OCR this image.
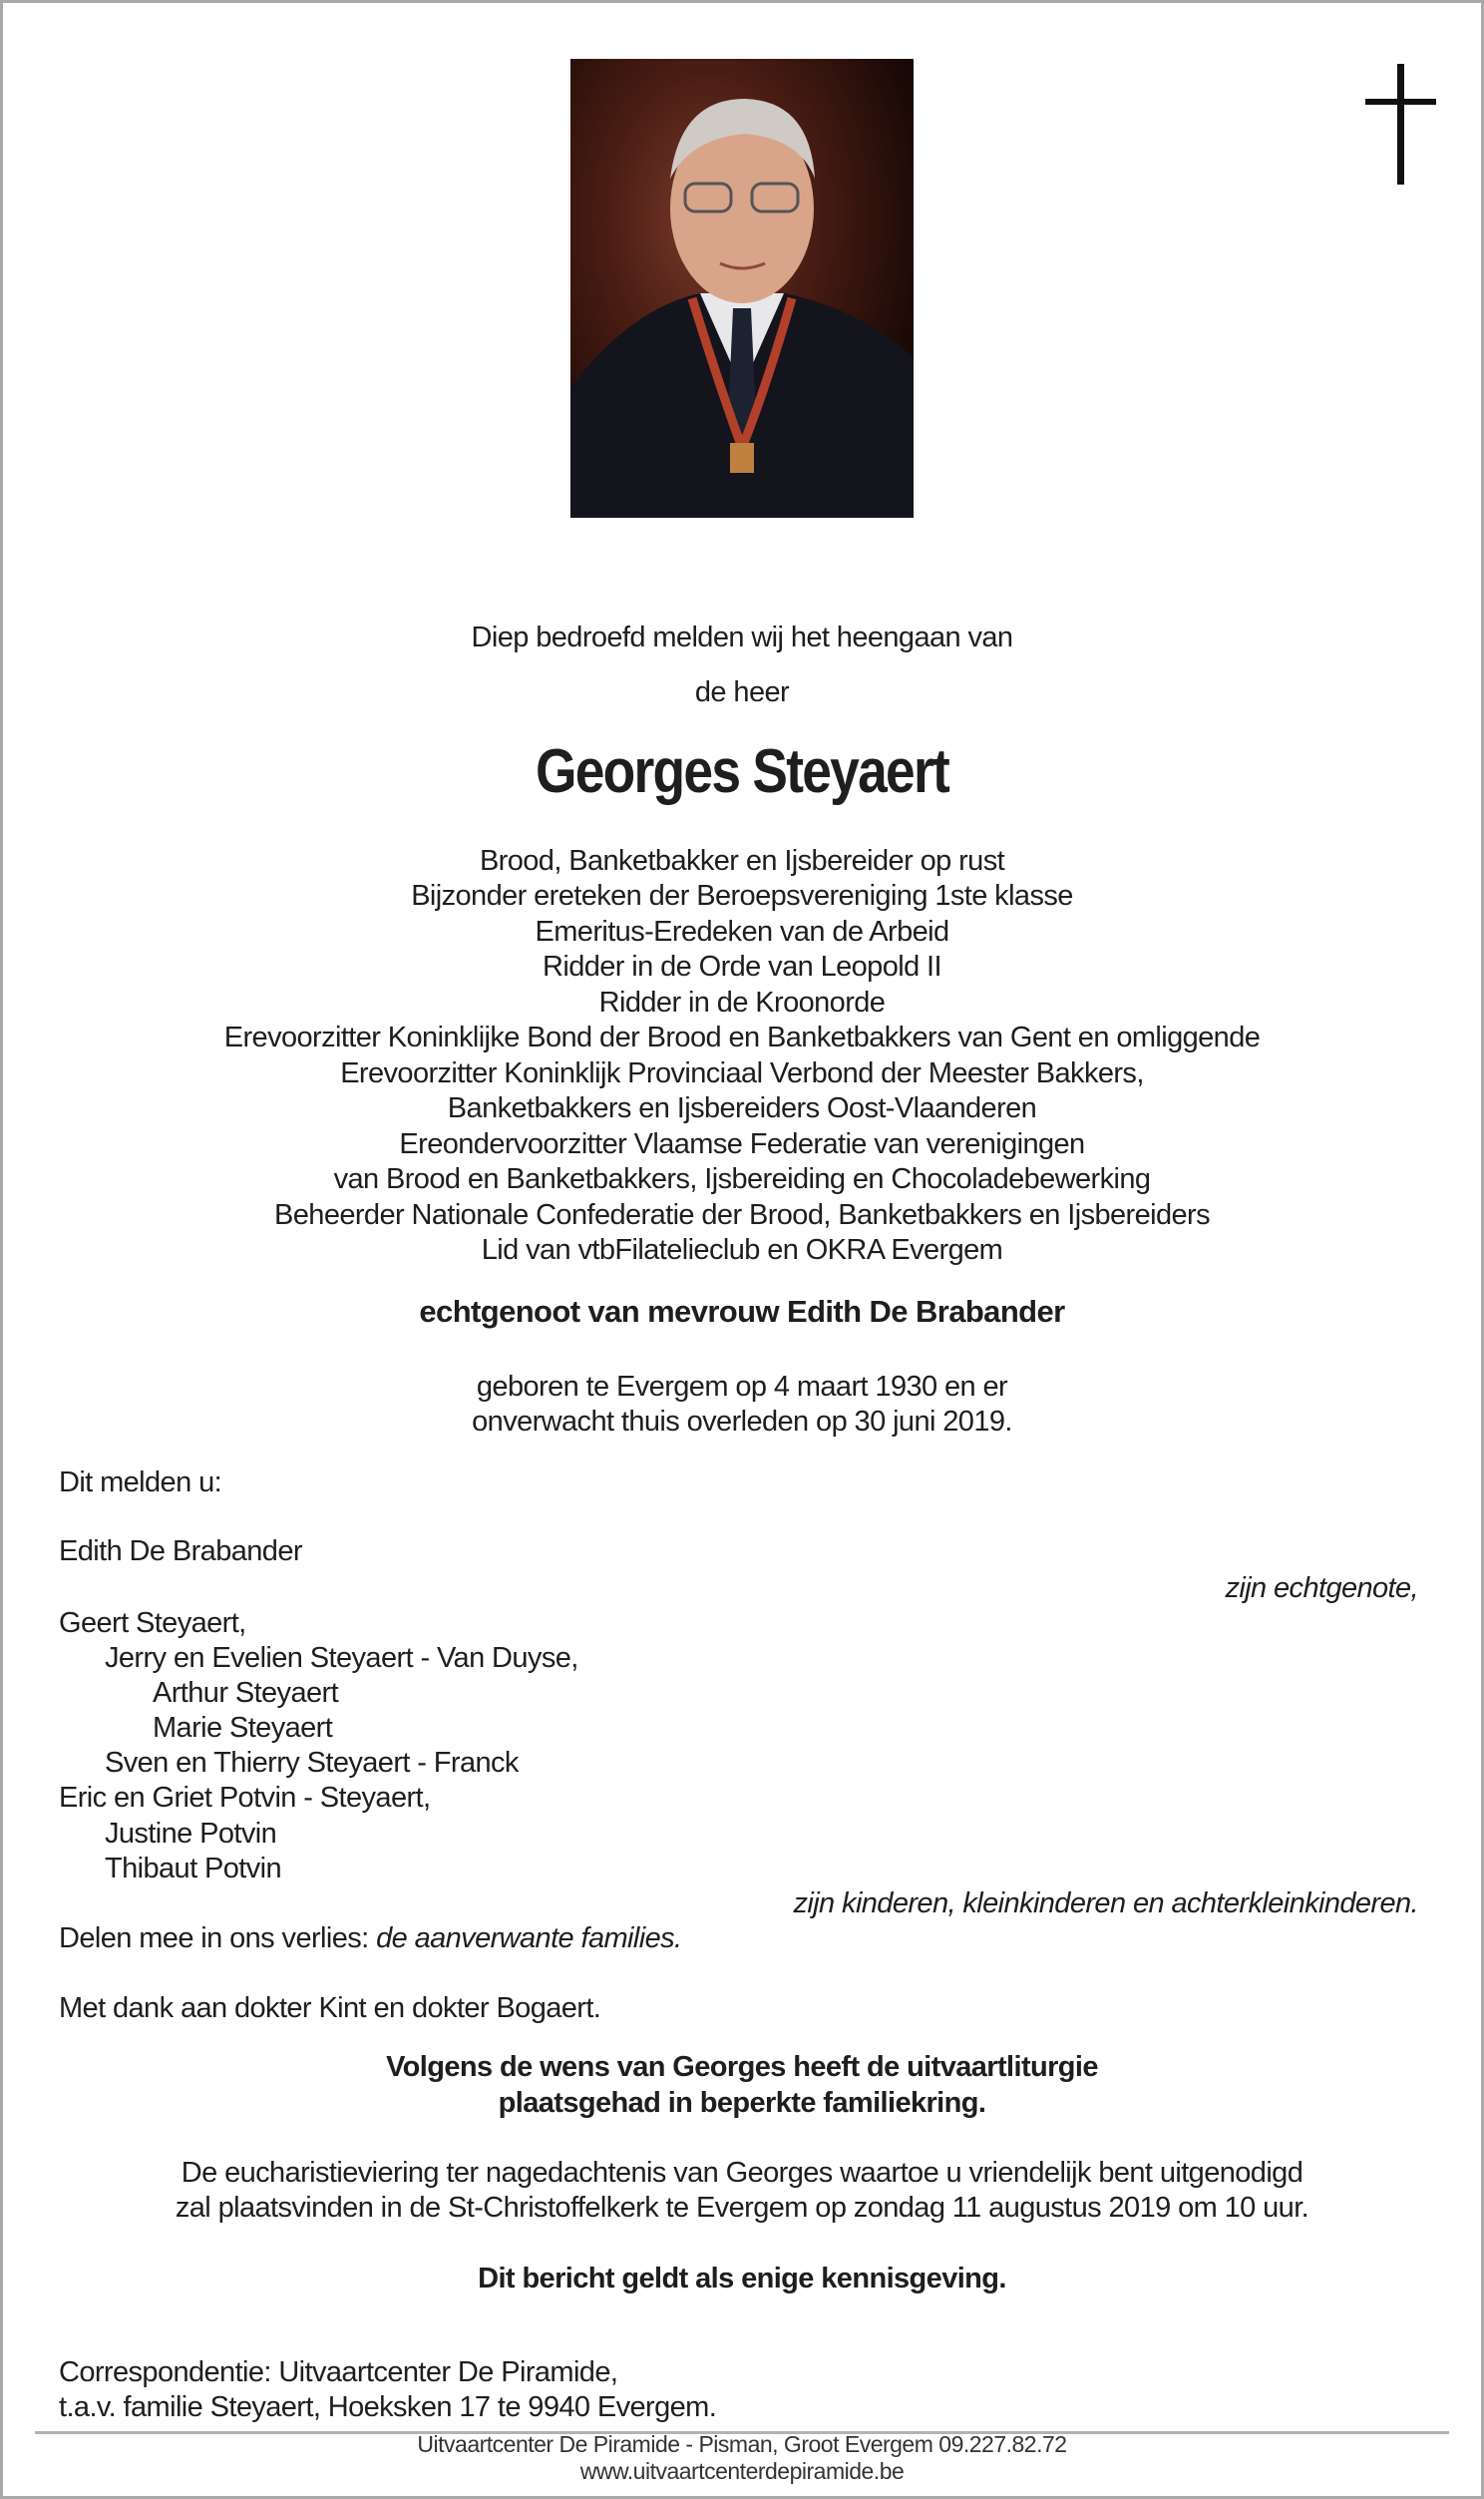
Diep bedroefd melden wij het heengaan van
de heer
Georges Steyaert
Brood, Banketbakker en Ijsbereider op rust
Bijzonder ereteken der Beroepsvereniging 1ste klasse
Emeritus-Eredeken van de Arbeid
Ridder in de Orde van Leopold II
Ridder in de Kroonorde
Erevoorzitter Koninklijke Bond der Brood en Banketbakkers van Gent en omliggende
Erevoorzitter Koninklijk Provinciaal Verbond der Meester Bakkers,
Banketbakkers en Ijsbereiders Oost-Vlaanderen
Ereondervoorzitter Vlaamse Federatie van verenigingen
van Brood en Banketbakkers, Ijsbereiding en Chocoladebewerking
Beheerder Nationale Confederatie der Brood, Banketbakkers en Ijsbereiders
Lid van vtbFilatelieclub en OKRA Evergem
echtgenoot van mevrouw Edith De Brabander
geboren te Evergem op 4 maart 1930 en er
onverwacht thuis overleden op 30 juni 2019.
Dit melden u:
Edith De Brabander
zijn echtgenote,
Geert Steyaert,
Jerry en Evelien Steyaert - Van Duyse,
Arthur Steyaert
Marie Steyaert
Sven en Thierry Steyaert - Franck
Eric en Griet Potvin - Steyaert,
Justine Potvin
Thibaut Potvin
zijn kinderen, kleinkinderen en achterkleinkinderen.
Delen mee in ons verlies: de aanverwante families.
Met dank aan dokter Kint en dokter Bogaert.
Volgens de wens van Georges heeft de uitvaartliturgie
plaatsgehad in beperkte familiekring.
De eucharistieviering ter nagedachtenis van Georges waartoe u vriendelijk bent uitgenodigd
zal plaatsvinden in de St-Christoffelkerk te Evergem op zondag 11 augustus 2019 om 10 uur.
Dit bericht geldt als enige kennisgeving.
Correspondentie: Uitvaartcenter De Piramide,
t.a.v. familie Steyaert, Hoeksken 17 te 9940 Evergem.
Uitvaartcenter De Piramide - Pisman, Groot Evergem 09.227.82.72
www.uitvaartcenterdepiramide.be
